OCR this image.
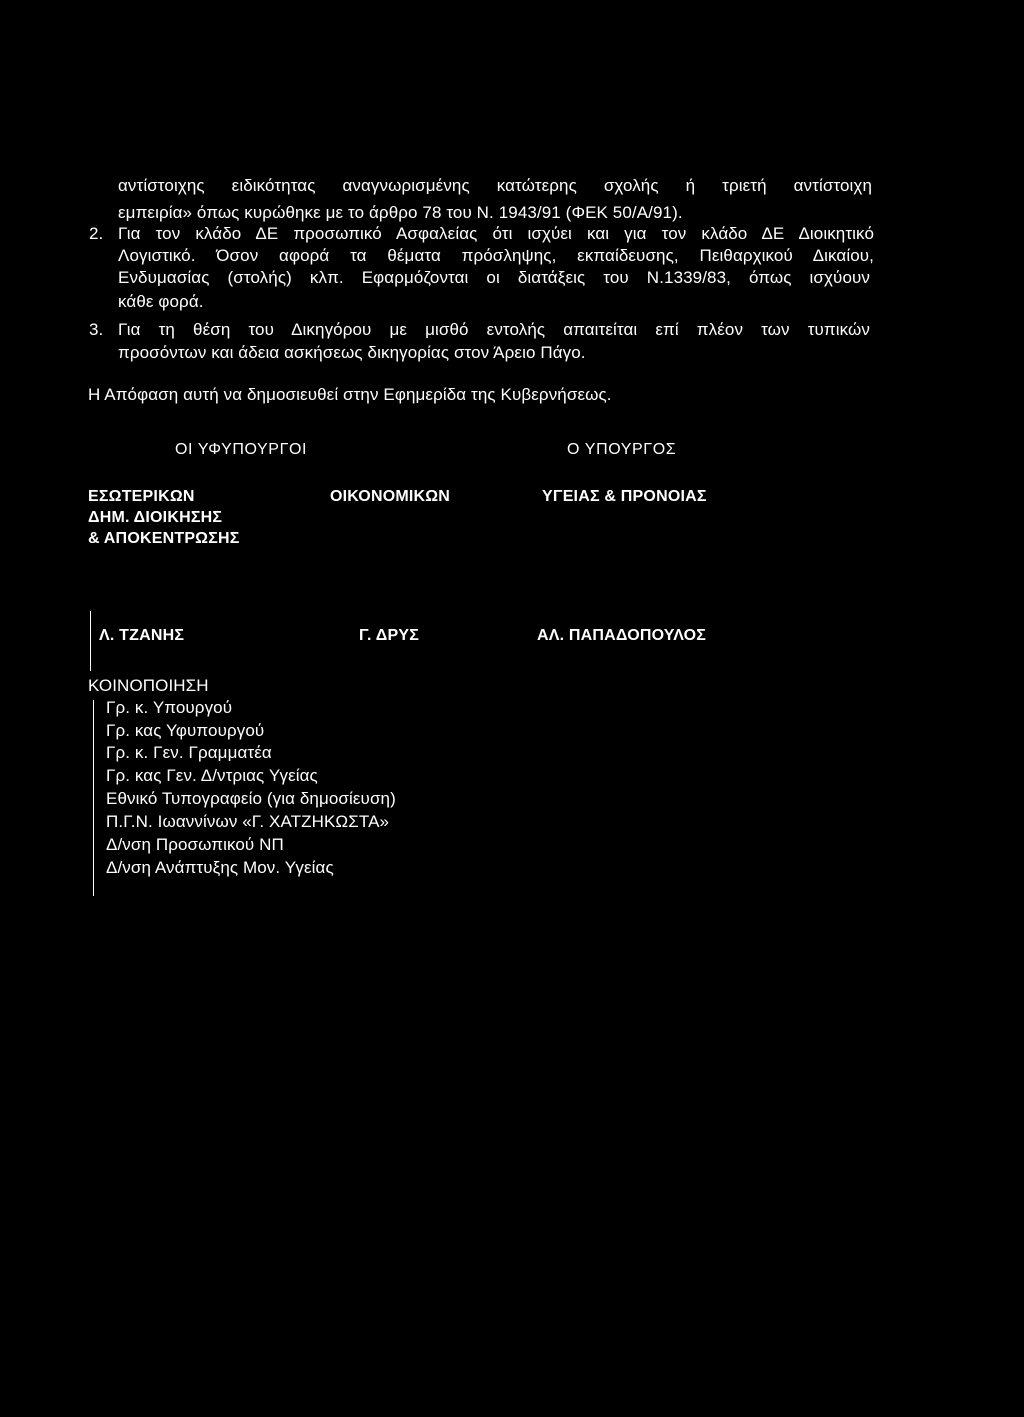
αντίστοιχης ειδικότητας αναγνωρισμένης κατώτερης σχολής ή τριετή αντίστοιχη
εμπειρία» όπως κυρώθηκε με το άρθρο 78 του Ν. 1943/91 (ΦΕΚ 50/Α/91).
2. Για τον κλάδο ΔΕ προσωπικό Ασφαλείας ότι ισχύει και για τον κλάδο ΔΕ Διοικητικό
Λογιστικό. Όσον αφορά τα θέματα πρόσληψης, εκπαίδευσης, Πειθαρχικού Δικαίου,
Ενδυμασίας (στολής) κλπ. Εφαρμόζονται οι διατάξεις του Ν.1339/83, όπως ισχύουν
κάθε φορά.
3. Για τη θέση του Δικηγόρου με μισθό εντολής απαιτείται επί πλέον των τυπικών
προσόντων και άδεια ασκήσεως δικηγορίας στον Άρειο Πάγο.
Η Απόφαση αυτή να δημοσιευθεί στην Εφημερίδα της Κυβερνήσεως.
ΟΙ ΥΦΥΠΟΥΡΓΟΙ	Ο ΥΠΟΥΡΓΟΣ
ΕΣΩΤΕΡΙΚΩΝ
ΔΗΜ. ΔΙΟΙΚΗΣΗΣ
& ΑΠΟΚΕΝΤΡΩΣΗΣ
ΟΙΚΟΝΟΜΙΚΩΝ	ΥΓΕΙΑΣ & ΠΡΟΝΟΙΑΣ
Λ. ΤΖΑΝΗΣ	Γ. ΔΡΥΣ	ΑΛ. ΠΑΠΑΔΟΠΟΥΛΟΣ
ΚΟΙΝΟΠΟΙΗΣΗ
Γρ. κ. Υπουργού
Γρ. κας Υφυπουργού
Γρ. κ. Γεν. Γραμματέα
Γρ. κας Γεν. Δ/ντριας Υγείας
Εθνικό Τυπογραφείο (για δημοσίευση)
Π.Γ.Ν. Ιωαννίνων «Γ. ΧΑΤΖΗΚΩΣΤΑ»
Δ/νση Προσωπικού ΝΠ
Δ/νση Ανάπτυξης Μον. Υγείας
